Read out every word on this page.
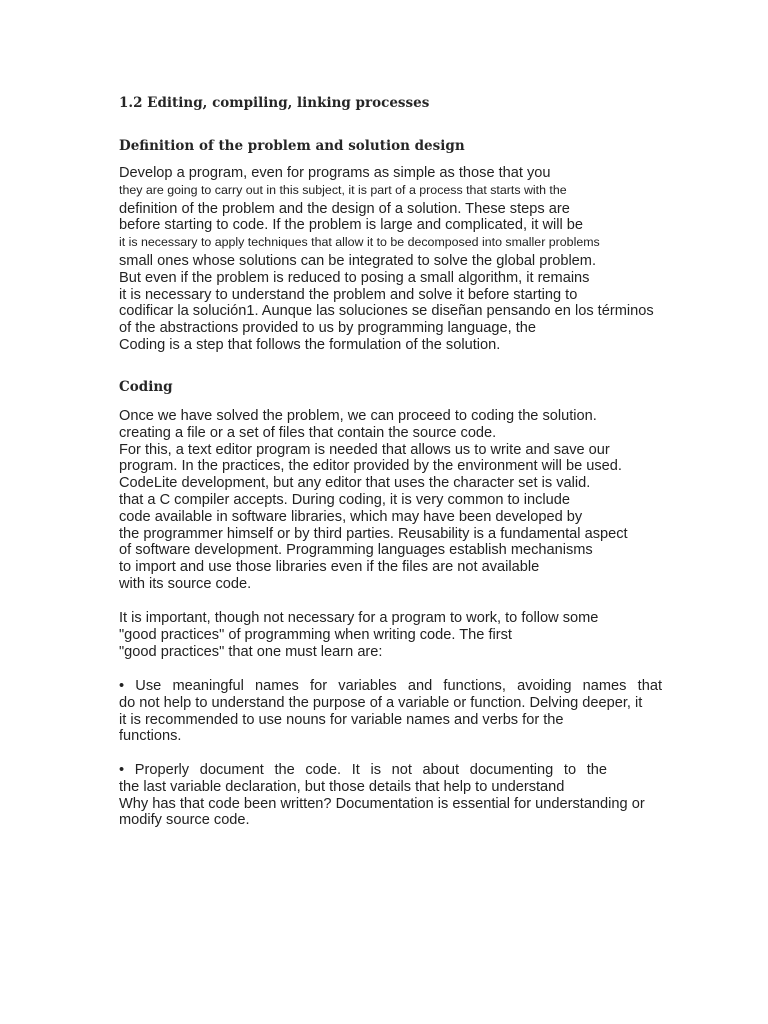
1.2 Editing, compiling, linking processes
Definition of the problem and solution design
Develop a program, even for programs as simple as those that you
they are going to carry out in this subject, it is part of a process that starts with the
definition of the problem and the design of a solution. These steps are
before starting to code. If the problem is large and complicated, it will be
it is necessary to apply techniques that allow it to be decomposed into smaller problems
small ones whose solutions can be integrated to solve the global problem.
But even if the problem is reduced to posing a small algorithm, it remains
it is necessary to understand the problem and solve it before starting to
codificar la solución1. Aunque las soluciones se diseñan pensando en los términos
of the abstractions provided to us by programming language, the
Coding is a step that follows the formulation of the solution.
Coding
Once we have solved the problem, we can proceed to coding the solution.
creating a file or a set of files that contain the source code.
For this, a text editor program is needed that allows us to write and save our
program. In the practices, the editor provided by the environment will be used.
CodeLite development, but any editor that uses the character set is valid.
that a C compiler accepts. During coding, it is very common to include
code available in software libraries, which may have been developed by
the programmer himself or by third parties. Reusability is a fundamental aspect
of software development. Programming languages establish mechanisms
to import and use those libraries even if the files are not available
with its source code.
It is important, though not necessary for a program to work, to follow some
"good practices" of programming when writing code. The first
"good practices" that one must learn are:
• Use meaningful names for variables and functions, avoiding names that
do not help to understand the purpose of a variable or function. Delving deeper, it
it is recommended to use nouns for variable names and verbs for the
functions.
• Properly document the code. It is not about documenting to the
the last variable declaration, but those details that help to understand
Why has that code been written? Documentation is essential for understanding or
modify source code.
